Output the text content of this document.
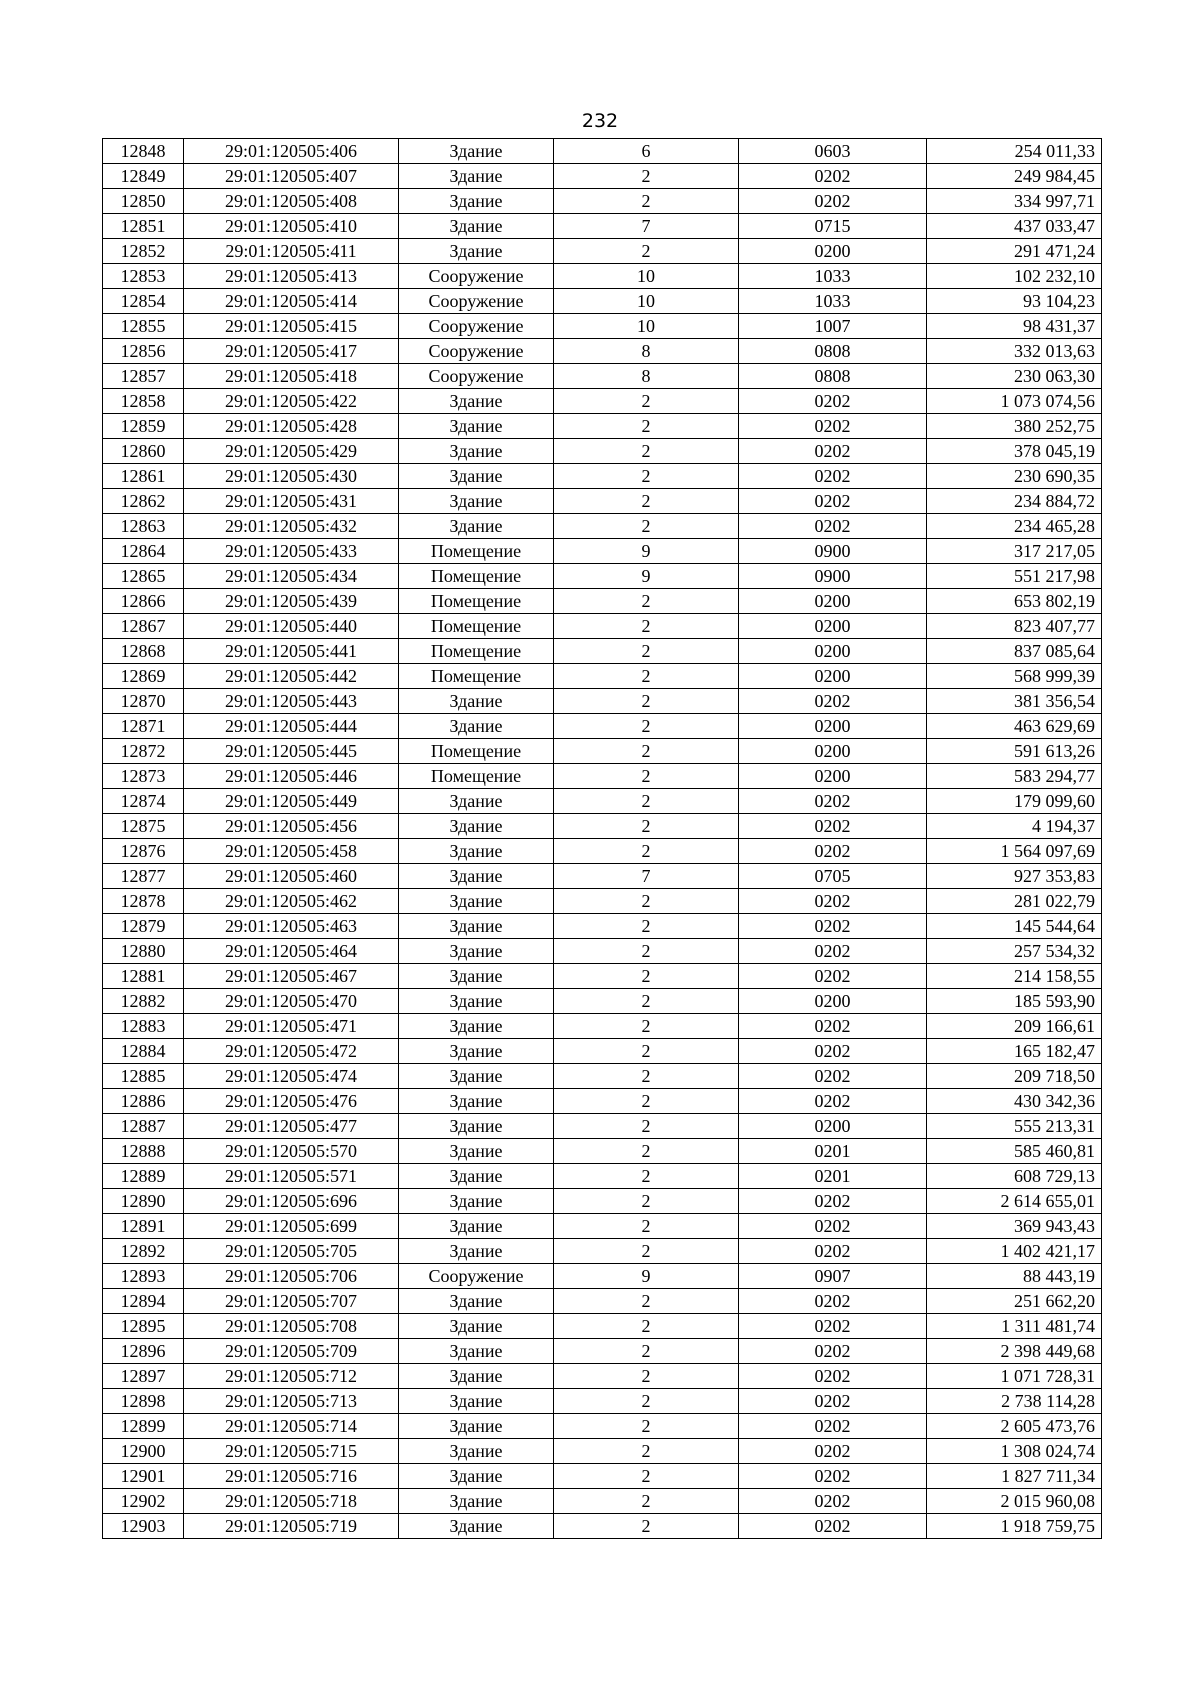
232
12848	29:01:120505:406	Здание	6	0603	254 011,33
12849	29:01:120505:407	Здание	2	0202	249 984,45
12850	29:01:120505:408	Здание	2	0202	334 997,71
12851	29:01:120505:410	Здание	7	0715	437 033,47
12852	29:01:120505:411	Здание	2	0200	291 471,24
12853	29:01:120505:413	Сооружение	10	1033	102 232,10
12854	29:01:120505:414	Сооружение	10	1033	93 104,23
12855	29:01:120505:415	Сооружение	10	1007	98 431,37
12856	29:01:120505:417	Сооружение	8	0808	332 013,63
12857	29:01:120505:418	Сооружение	8	0808	230 063,30
12858	29:01:120505:422	Здание	2	0202	1 073 074,56
12859	29:01:120505:428	Здание	2	0202	380 252,75
12860	29:01:120505:429	Здание	2	0202	378 045,19
12861	29:01:120505:430	Здание	2	0202	230 690,35
12862	29:01:120505:431	Здание	2	0202	234 884,72
12863	29:01:120505:432	Здание	2	0202	234 465,28
12864	29:01:120505:433	Помещение	9	0900	317 217,05
12865	29:01:120505:434	Помещение	9	0900	551 217,98
12866	29:01:120505:439	Помещение	2	0200	653 802,19
12867	29:01:120505:440	Помещение	2	0200	823 407,77
12868	29:01:120505:441	Помещение	2	0200	837 085,64
12869	29:01:120505:442	Помещение	2	0200	568 999,39
12870	29:01:120505:443	Здание	2	0202	381 356,54
12871	29:01:120505:444	Здание	2	0200	463 629,69
12872	29:01:120505:445	Помещение	2	0200	591 613,26
12873	29:01:120505:446	Помещение	2	0200	583 294,77
12874	29:01:120505:449	Здание	2	0202	179 099,60
12875	29:01:120505:456	Здание	2	0202	4 194,37
12876	29:01:120505:458	Здание	2	0202	1 564 097,69
12877	29:01:120505:460	Здание	7	0705	927 353,83
12878	29:01:120505:462	Здание	2	0202	281 022,79
12879	29:01:120505:463	Здание	2	0202	145 544,64
12880	29:01:120505:464	Здание	2	0202	257 534,32
12881	29:01:120505:467	Здание	2	0202	214 158,55
12882	29:01:120505:470	Здание	2	0200	185 593,90
12883	29:01:120505:471	Здание	2	0202	209 166,61
12884	29:01:120505:472	Здание	2	0202	165 182,47
12885	29:01:120505:474	Здание	2	0202	209 718,50
12886	29:01:120505:476	Здание	2	0202	430 342,36
12887	29:01:120505:477	Здание	2	0200	555 213,31
12888	29:01:120505:570	Здание	2	0201	585 460,81
12889	29:01:120505:571	Здание	2	0201	608 729,13
12890	29:01:120505:696	Здание	2	0202	2 614 655,01
12891	29:01:120505:699	Здание	2	0202	369 943,43
12892	29:01:120505:705	Здание	2	0202	1 402 421,17
12893	29:01:120505:706	Сооружение	9	0907	88 443,19
12894	29:01:120505:707	Здание	2	0202	251 662,20
12895	29:01:120505:708	Здание	2	0202	1 311 481,74
12896	29:01:120505:709	Здание	2	0202	2 398 449,68
12897	29:01:120505:712	Здание	2	0202	1 071 728,31
12898	29:01:120505:713	Здание	2	0202	2 738 114,28
12899	29:01:120505:714	Здание	2	0202	2 605 473,76
12900	29:01:120505:715	Здание	2	0202	1 308 024,74
12901	29:01:120505:716	Здание	2	0202	1 827 711,34
12902	29:01:120505:718	Здание	2	0202	2 015 960,08
12903	29:01:120505:719	Здание	2	0202	1 918 759,75
